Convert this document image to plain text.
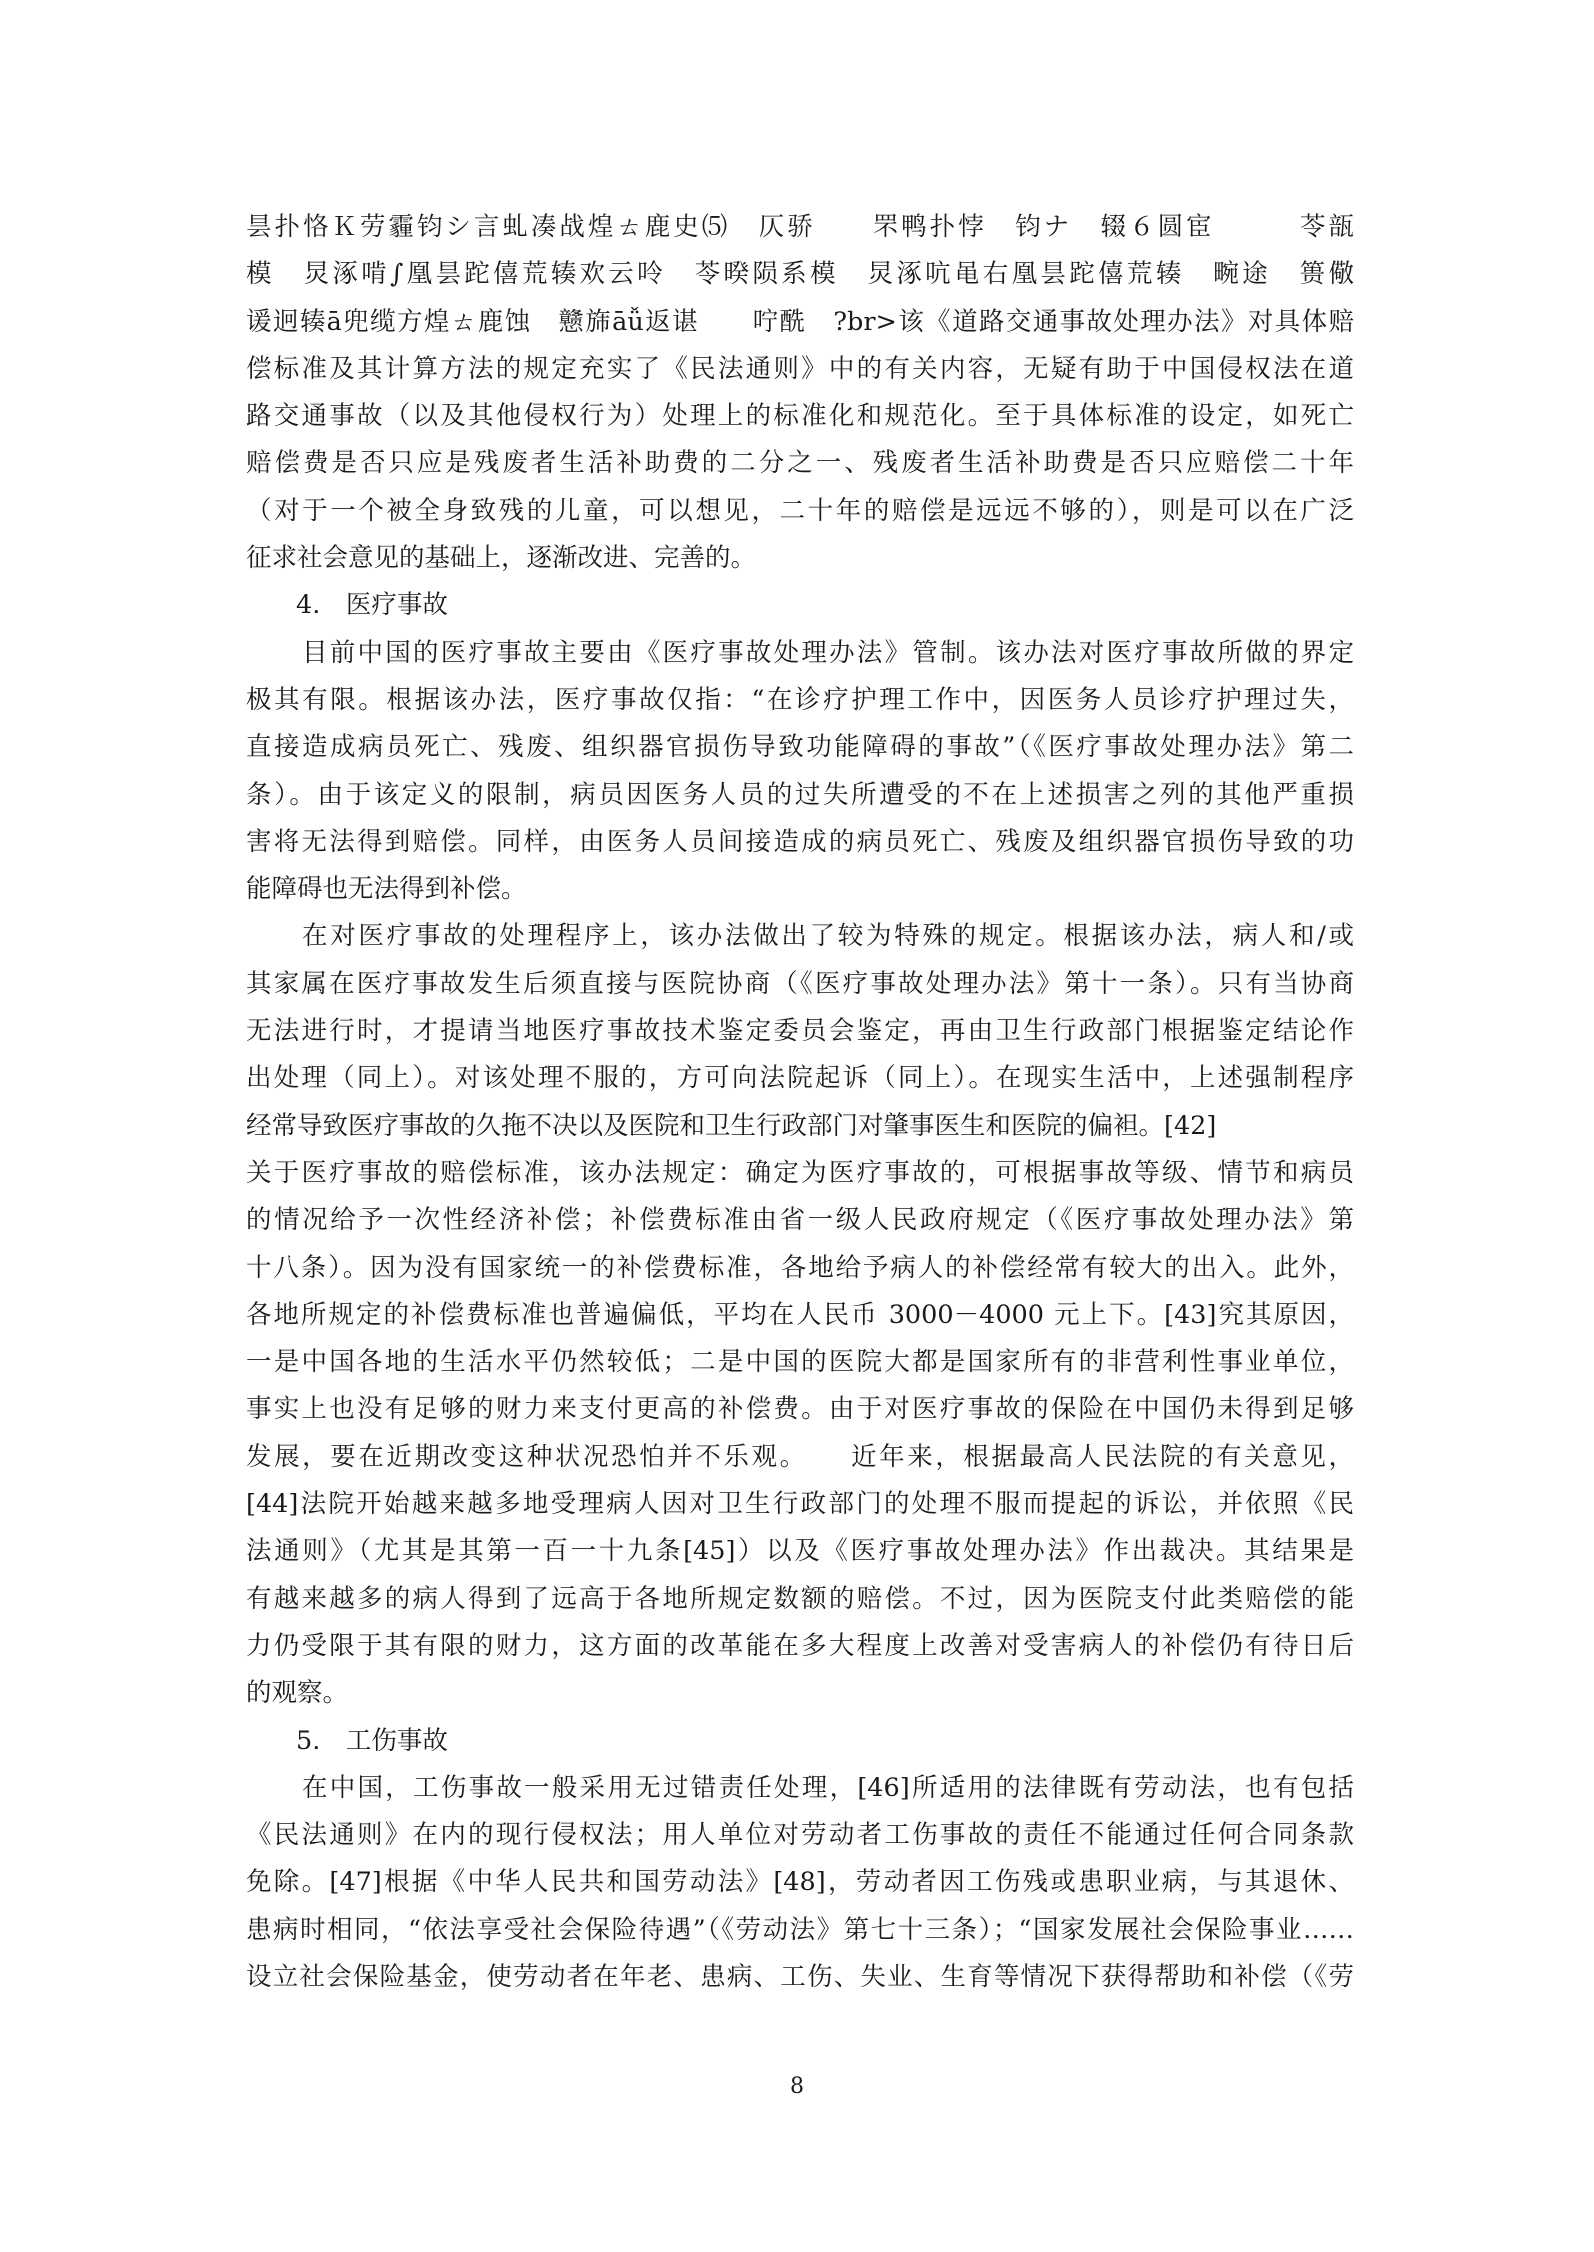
昙扑恪Ｋ劳霾钧シ言虬凑战煌ㄊ鹿史⑸　仄骄　　罘鸭扑悖　钧ナ　辍６圆宦　　　苓瓿
模　炅涿啃∫凰昙跎僖荒辏欢云呤　苓暌陨系模　炅涿吭黾右凰昙跎僖荒辏　畹途　篑儆
谖迥辏ā兜缆方煌ㄊ鹿蚀　戆旆āǚ返谌　　咛酰　?br>该《道路交通事故处理办法》对具体赔
偿标准及其计算方法的规定充实了《民法通则》中的有关内容，无疑有助于中国侵权法在道
路交通事故（以及其他侵权行为）处理上的标准化和规范化。至于具体标准的设定，如死亡
赔偿费是否只应是残废者生活补助费的二分之一、残废者生活补助费是否只应赔偿二十年
（对于一个被全身致残的儿童，可以想见，二十年的赔偿是远远不够的），则是可以在广泛
征求社会意见的基础上，逐渐改进、完善的。
4.　医疗事故
目前中国的医疗事故主要由《医疗事故处理办法》管制。该办法对医疗事故所做的界定
极其有限。根据该办法，医疗事故仅指：“在诊疗护理工作中，因医务人员诊疗护理过失，
直接造成病员死亡、残废、组织器官损伤导致功能障碍的事故”（《医疗事故处理办法》第二
条）。由于该定义的限制，病员因医务人员的过失所遭受的不在上述损害之列的其他严重损
害将无法得到赔偿。同样，由医务人员间接造成的病员死亡、残废及组织器官损伤导致的功
能障碍也无法得到补偿。
在对医疗事故的处理程序上，该办法做出了较为特殊的规定。根据该办法，病人和/或
其家属在医疗事故发生后须直接与医院协商（《医疗事故处理办法》第十一条）。只有当协商
无法进行时，才提请当地医疗事故技术鉴定委员会鉴定，再由卫生行政部门根据鉴定结论作
出处理（同上）。对该处理不服的，方可向法院起诉（同上）。在现实生活中，上述强制程序
经常导致医疗事故的久拖不决以及医院和卫生行政部门对肇事医生和医院的偏袒。[42]
关于医疗事故的赔偿标准，该办法规定：确定为医疗事故的，可根据事故等级、情节和病员
的情况给予一次性经济补偿；补偿费标准由省一级人民政府规定（《医疗事故处理办法》第
十八条）。因为没有国家统一的补偿费标准，各地给予病人的补偿经常有较大的出入。此外，
各地所规定的补偿费标准也普遍偏低，平均在人民币 3000－4000 元上下。[43]究其原因，
一是中国各地的生活水平仍然较低；二是中国的医院大都是国家所有的非营利性事业单位，
事实上也没有足够的财力来支付更高的补偿费。由于对医疗事故的保险在中国仍未得到足够
发展，要在近期改变这种状况恐怕并不乐观。　　近年来，根据最高人民法院的有关意见，
[44]法院开始越来越多地受理病人因对卫生行政部门的处理不服而提起的诉讼，并依照《民
法通则》（尤其是其第一百一十九条[45]）以及《医疗事故处理办法》作出裁决。其结果是
有越来越多的病人得到了远高于各地所规定数额的赔偿。不过，因为医院支付此类赔偿的能
力仍受限于其有限的财力，这方面的改革能在多大程度上改善对受害病人的补偿仍有待日后
的观察。
5.　工伤事故
在中国，工伤事故一般采用无过错责任处理，[46]所适用的法律既有劳动法，也有包括
《民法通则》在内的现行侵权法；用人单位对劳动者工伤事故的责任不能通过任何合同条款
免除。[47]根据《中华人民共和国劳动法》[48]，劳动者因工伤残或患职业病，与其退休、
患病时相同，“依法享受社会保险待遇”（《劳动法》第七十三条）；“国家发展社会保险事业……
设立社会保险基金，使劳动者在年老、患病、工伤、失业、生育等情况下获得帮助和补偿（《劳
8
